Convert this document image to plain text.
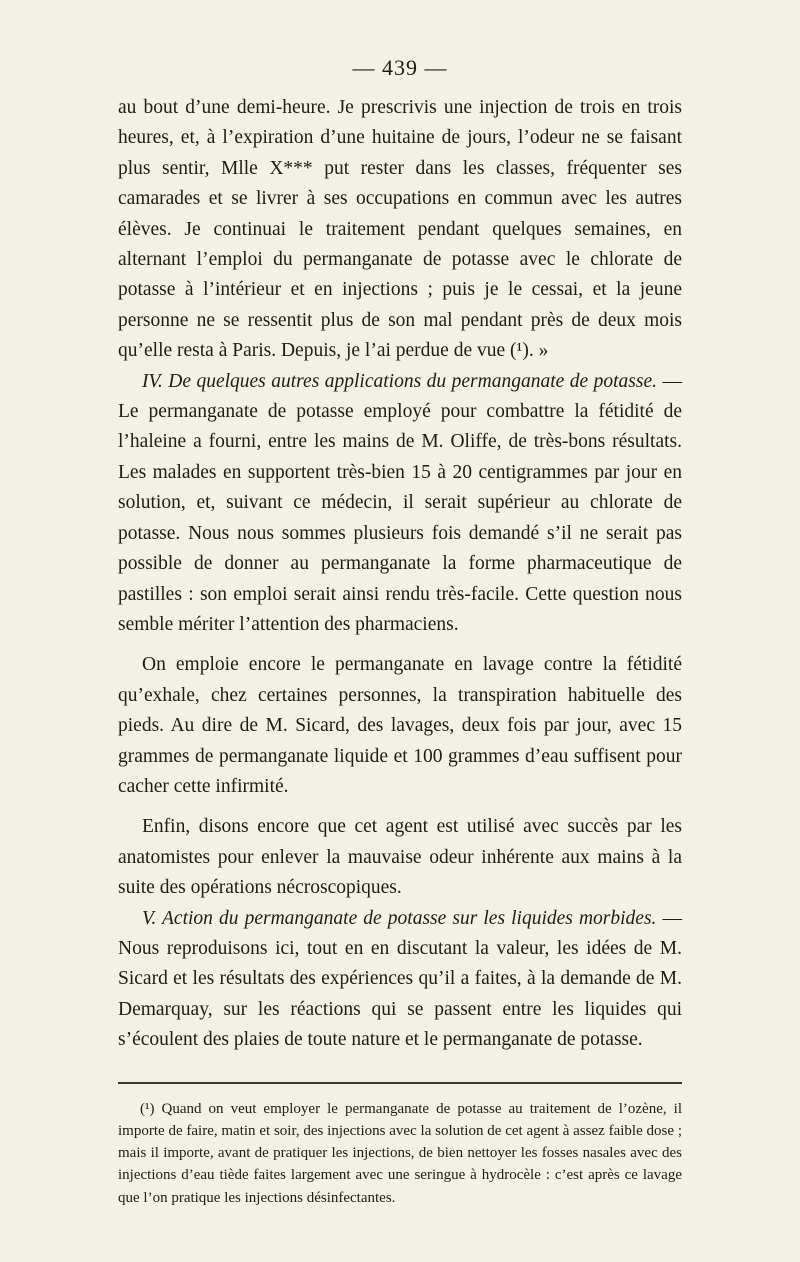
— 439 —

au bout d’une demi-heure. Je prescrivis une injection de trois en trois heures, et, à l’expiration d’une huitaine de jours, l’odeur ne se faisant plus sentir, Mlle X*** put rester dans les classes, fréquenter ses camarades et se livrer à ses occupations en commun avec les autres élèves. Je continuai le traitement pendant quelques semaines, en alternant l’emploi du permanganate de potasse avec le chlorate de potasse à l’intérieur et en injections ; puis je le cessai, et la jeune personne ne se ressentit plus de son mal pendant près de deux mois qu’elle resta à Paris. Depuis, je l’ai perdue de vue (¹). »

IV. De quelques autres applications du permanganate de potasse. — Le permanganate de potasse employé pour combattre la fétidité de l’haleine a fourni, entre les mains de M. Oliffe, de très-bons résultats. Les malades en supportent très-bien 15 à 20 centigrammes par jour en solution, et, suivant ce médecin, il serait supérieur au chlorate de potasse. Nous nous sommes plusieurs fois demandé s’il ne serait pas possible de donner au permanganate la forme pharmaceutique de pastilles : son emploi serait ainsi rendu très-facile. Cette question nous semble mériter l’attention des pharmaciens.

On emploie encore le permanganate en lavage contre la fétidité qu’exhale, chez certaines personnes, la transpiration habituelle des pieds. Au dire de M. Sicard, des lavages, deux fois par jour, avec 15 grammes de permanganate liquide et 100 grammes d’eau suffisent pour cacher cette infirmité.

Enfin, disons encore que cet agent est utilisé avec succès par les anatomistes pour enlever la mauvaise odeur inhérente aux mains à la suite des opérations nécroscopiques.

V. Action du permanganate de potasse sur les liquides morbides. — Nous reproduisons ici, tout en en discutant la valeur, les idées de M. Sicard et les résultats des expériences qu’il a faites, à la demande de M. Demarquay, sur les réactions qui se passent entre les liquides qui s’écoulent des plaies de toute nature et le permanganate de potasse.

(¹) Quand on veut employer le permanganate de potasse au traitement de l’ozène, il importe de faire, matin et soir, des injections avec la solution de cet agent à assez faible dose ; mais il importe, avant de pratiquer les injections, de bien nettoyer les fosses nasales avec des injections d’eau tiède faites largement avec une seringue à hydrocèle : c’est après ce lavage que l’on pratique les injections désinfectantes.
